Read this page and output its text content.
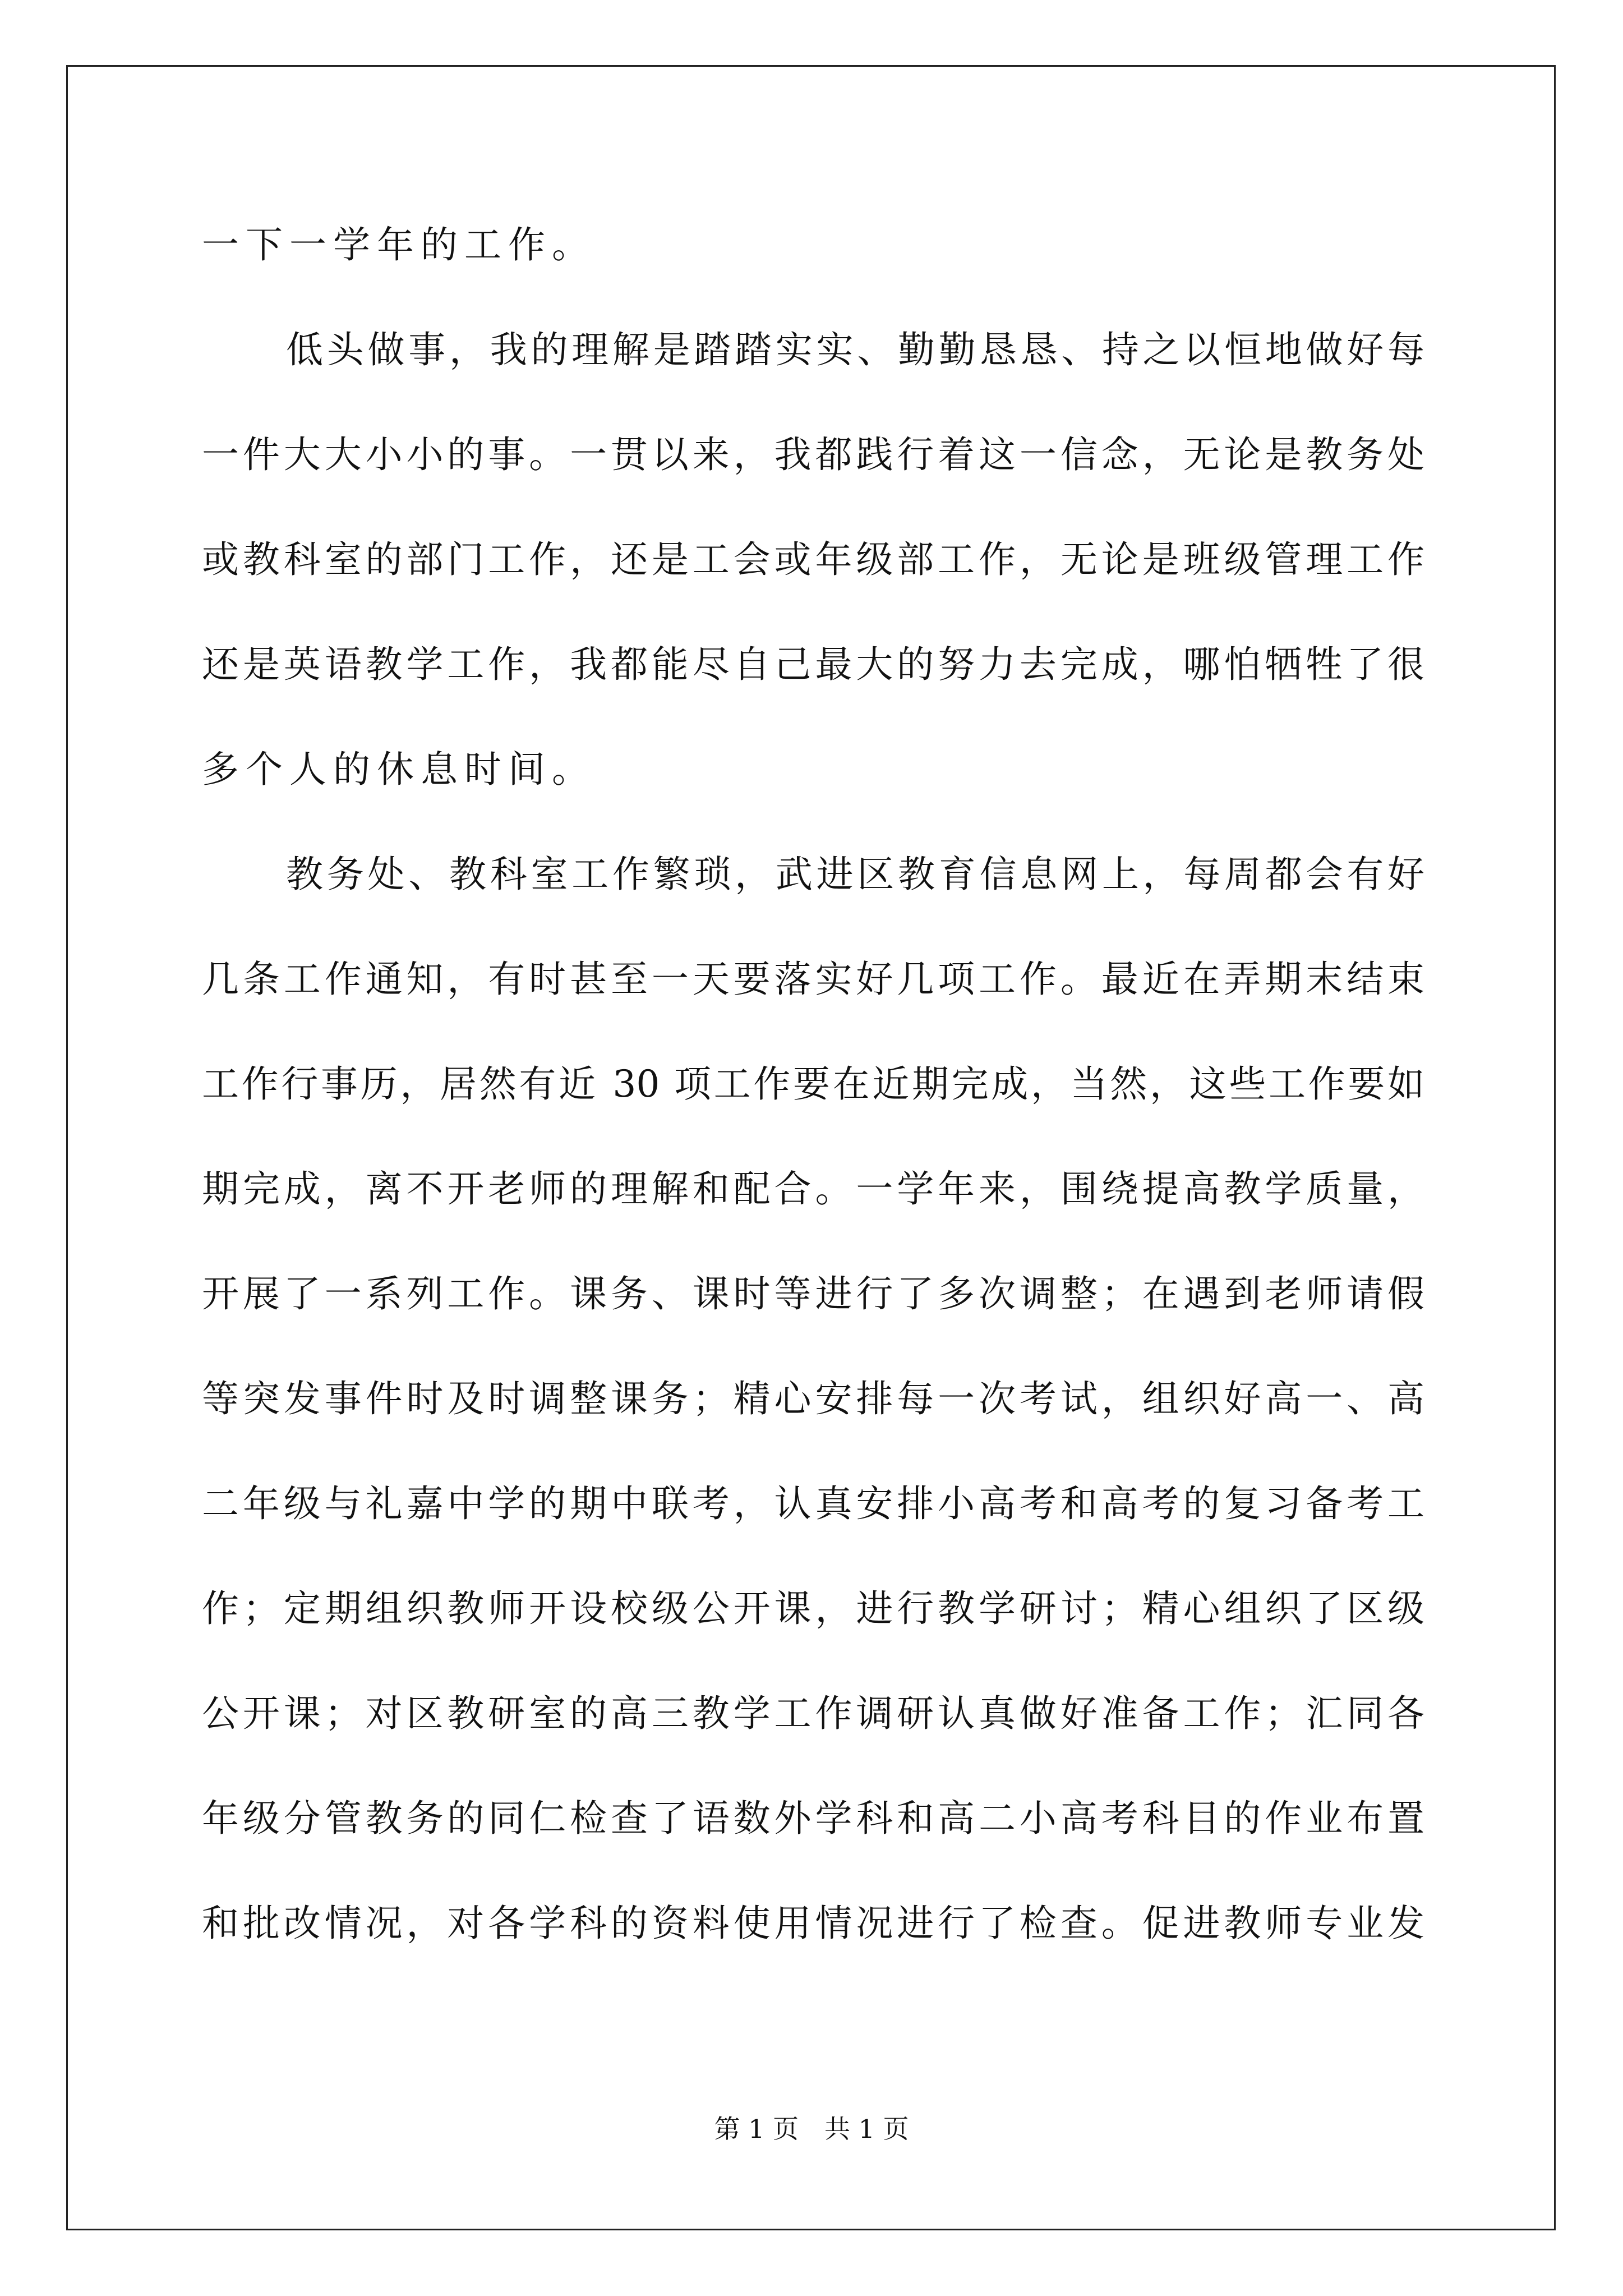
一下一学年的工作。
低头做事，我的理解是踏踏实实、勤勤恳恳、持之以恒地做好每
一件大大小小的事。一贯以来，我都践行着这一信念，无论是教务处
或教科室的部门工作，还是工会或年级部工作，无论是班级管理工作
还是英语教学工作，我都能尽自己最大的努力去完成，哪怕牺牲了很
多个人的休息时间。
教务处、教科室工作繁琐，武进区教育信息网上，每周都会有好
几条工作通知，有时甚至一天要落实好几项工作。最近在弄期末结束
工作行事历，居然有近 30 项工作要在近期完成，当然，这些工作要如
期完成，离不开老师的理解和配合。一学年来，围绕提高教学质量，
开展了一系列工作。课务、课时等进行了多次调整；在遇到老师请假
等突发事件时及时调整课务；精心安排每一次考试，组织好高一、高
二年级与礼嘉中学的期中联考，认真安排小高考和高考的复习备考工
作；定期组织教师开设校级公开课，进行教学研讨；精心组织了区级
公开课；对区教研室的高三教学工作调研认真做好准备工作；汇同各
年级分管教务的同仁检查了语数外学科和高二小高考科目的作业布置
和批改情况，对各学科的资料使用情况进行了检查。促进教师专业发
第 1 页　共 1 页
